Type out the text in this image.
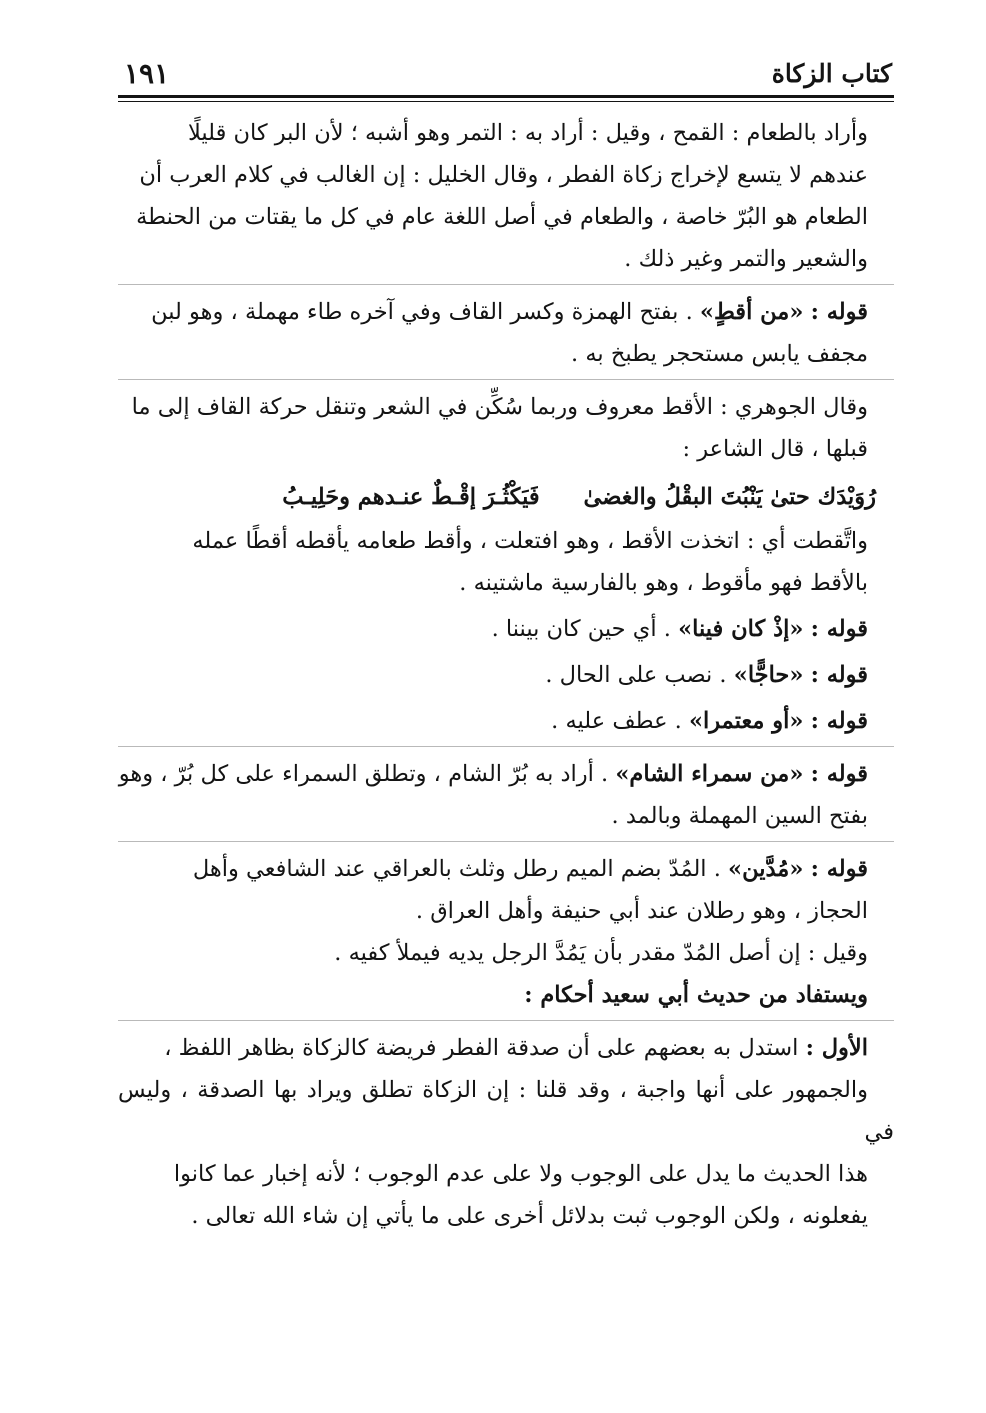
١٩١	كتاب الزكاة

وأراد بالطعام : القمح ، وقيل : أراد به : التمر وهو أشبه ؛ لأن البر كان قليلًا
عندهم لا يتسع لإخراج زكاة الفطر ، وقال الخليل : إن الغالب في كلام العرب أن
الطعام هو البُرّ خاصة ، والطعام في أصل اللغة عام في كل ما يقتات من الحنطة
والشعير والتمر وغير ذلك .

قوله : «من أقطٍ» . بفتح الهمزة وكسر القاف وفي آخره طاء مهملة ، وهو لبن
مجفف يابس مستحجر يطبخ به .

وقال الجوهري : الأقط معروف وربما سُكِّن في الشعر وتنقل حركة القاف إلى ما
قبلها ، قال الشاعر :

رُوَيْدَك حتىٰ يَنْبُتَ البقْلُ والغضىٰ فَيَكْثُـرَ إقْـطٌ عنـدهم وحَلِيـبُ

واتَّقطت أي : اتخذت الأقط ، وهو افتعلت ، وأقط طعامه يأقطه أقطًا عمله
بالأقط فهو مأقوط ، وهو بالفارسية ماشتينه .

قوله : «إذْ كان فينا» . أي حين كان بيننا .

قوله : «حاجًّا» . نصب على الحال .

قوله : «أو معتمرا» . عطف عليه .

قوله : «من سمراء الشام» . أراد به بُرّ الشام ، وتطلق السمراء على كل بُرّ ، وهو
بفتح السين المهملة وبالمد .

قوله : «مُدَّين» . المُدّ بضم الميم رطل وثلث بالعراقي عند الشافعي وأهل
الحجاز ، وهو رطلان عند أبي حنيفة وأهل العراق .

وقيل : إن أصل المُدّ مقدر بأن يَمُدَّ الرجل يديه فيملأ كفيه .

ويستفاد من حديث أبي سعيد أحكام :

الأول : استدل به بعضهم على أن صدقة الفطر فريضة كالزكاة بظاهر اللفظ ،
والجمهور على أنها واجبة ، وقد قلنا : إن الزكاة تطلق ويراد بها الصدقة ، وليس في
هذا الحديث ما يدل على الوجوب ولا على عدم الوجوب ؛ لأنه إخبار عما كانوا
يفعلونه ، ولكن الوجوب ثبت بدلائل أخرى على ما يأتي إن شاء الله تعالى .
